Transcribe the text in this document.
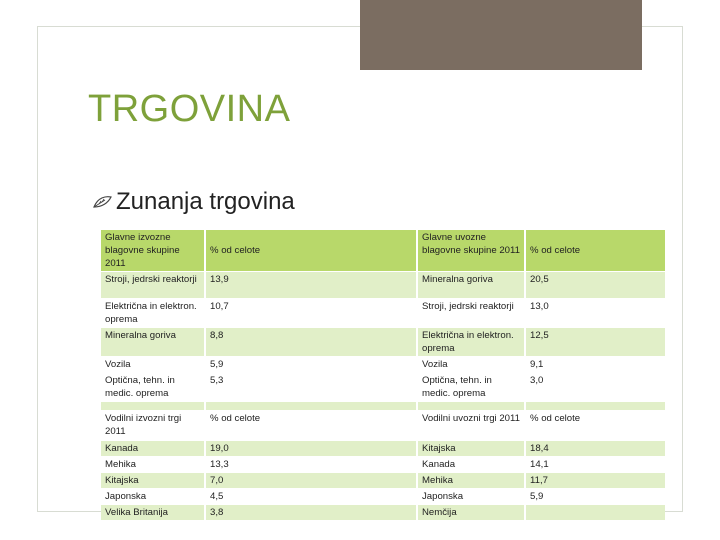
TRGOVINA
Zunanja trgovina
Glavne izvozne blagovne skupine 2011	% od celote	Glavne uvozne blagovne skupine 2011	% od celote
Stroji, jedrski reaktorji	13,9	Mineralna goriva	20,5
Električna in elektron. oprema	10,7	Stroji, jedrski reaktorji	13,0
Mineralna goriva	8,8	Električna in elektron. oprema	12,5
Vozila	5,9	Vozila	9,1
Optična, tehn. in medic. oprema	5,3	Optična, tehn. in medic. oprema	3,0

Vodilni izvozni trgi 2011	% od celote	Vodilni uvozni trgi 2011	% od celote
Kanada	19,0	Kitajska	18,4
Mehika	13,3	Kanada	14,1
Kitajska	7,0	Mehika	11,7
Japonska	4,5	Japonska	5,9
Velika Britanija	3,8	Nemčija	
